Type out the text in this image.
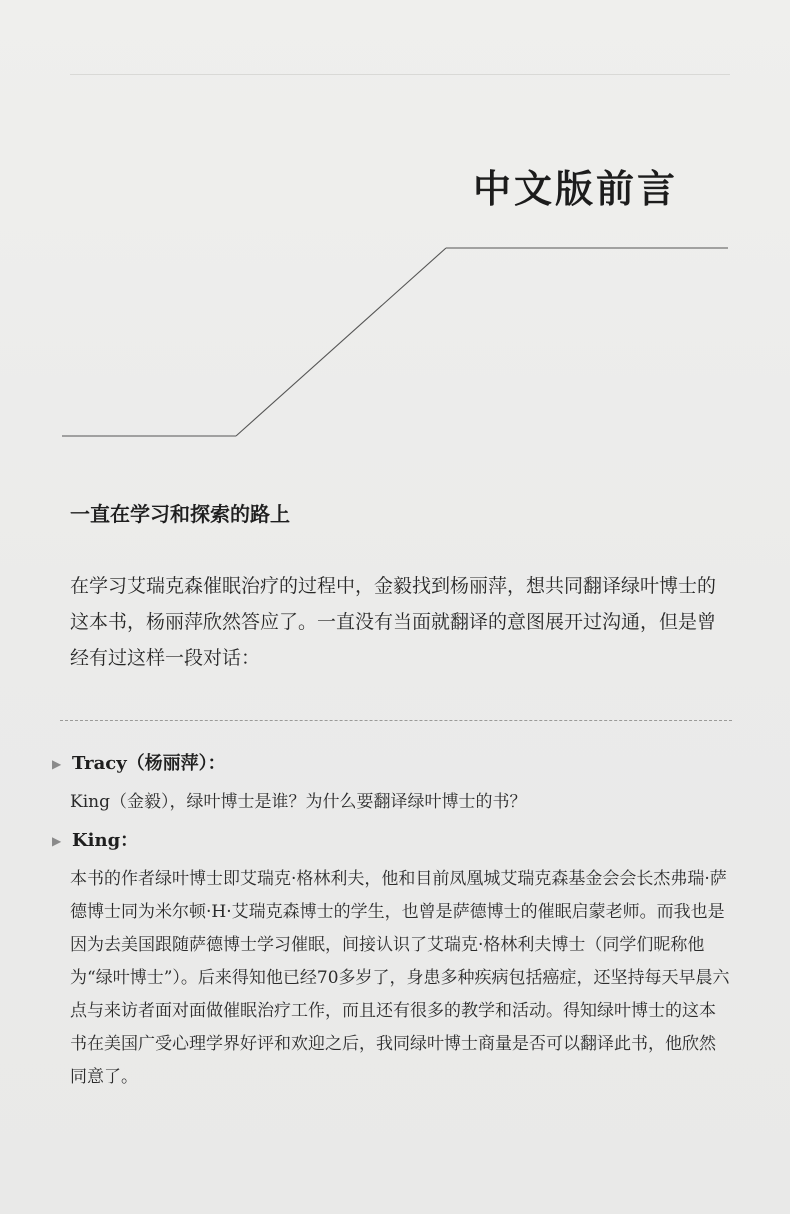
中文版前言
一直在学习和探索的路上

在学习艾瑞克森催眠治疗的过程中，金毅找到杨丽萍，想共同翻译绿叶博士的这本书，杨丽萍欣然答应了。一直没有当面就翻译的意图展开过沟通，但是曾经有过这样一段对话：

▶ Tracy（杨丽萍）：

King（金毅），绿叶博士是谁？为什么要翻译绿叶博士的书？

▶ King：

本书的作者绿叶博士即艾瑞克·格林利夫，他和目前凤凰城艾瑞克森基金会会长杰弗瑞·萨德博士同为米尔顿·H·艾瑞克森博士的学生，也曾是萨德博士的催眠启蒙老师。而我也是因为去美国跟随萨德博士学习催眠，间接认识了艾瑞克·格林利夫博士（同学们昵称他为“绿叶博士”）。后来得知他已经70多岁了，身患多种疾病包括癌症，还坚持每天早晨六点与来访者面对面做催眠治疗工作，而且还有很多的教学和活动。得知绿叶博士的这本书在美国广受心理学界好评和欢迎之后，我同绿叶博士商量是否可以翻译此书，他欣然同意了。
